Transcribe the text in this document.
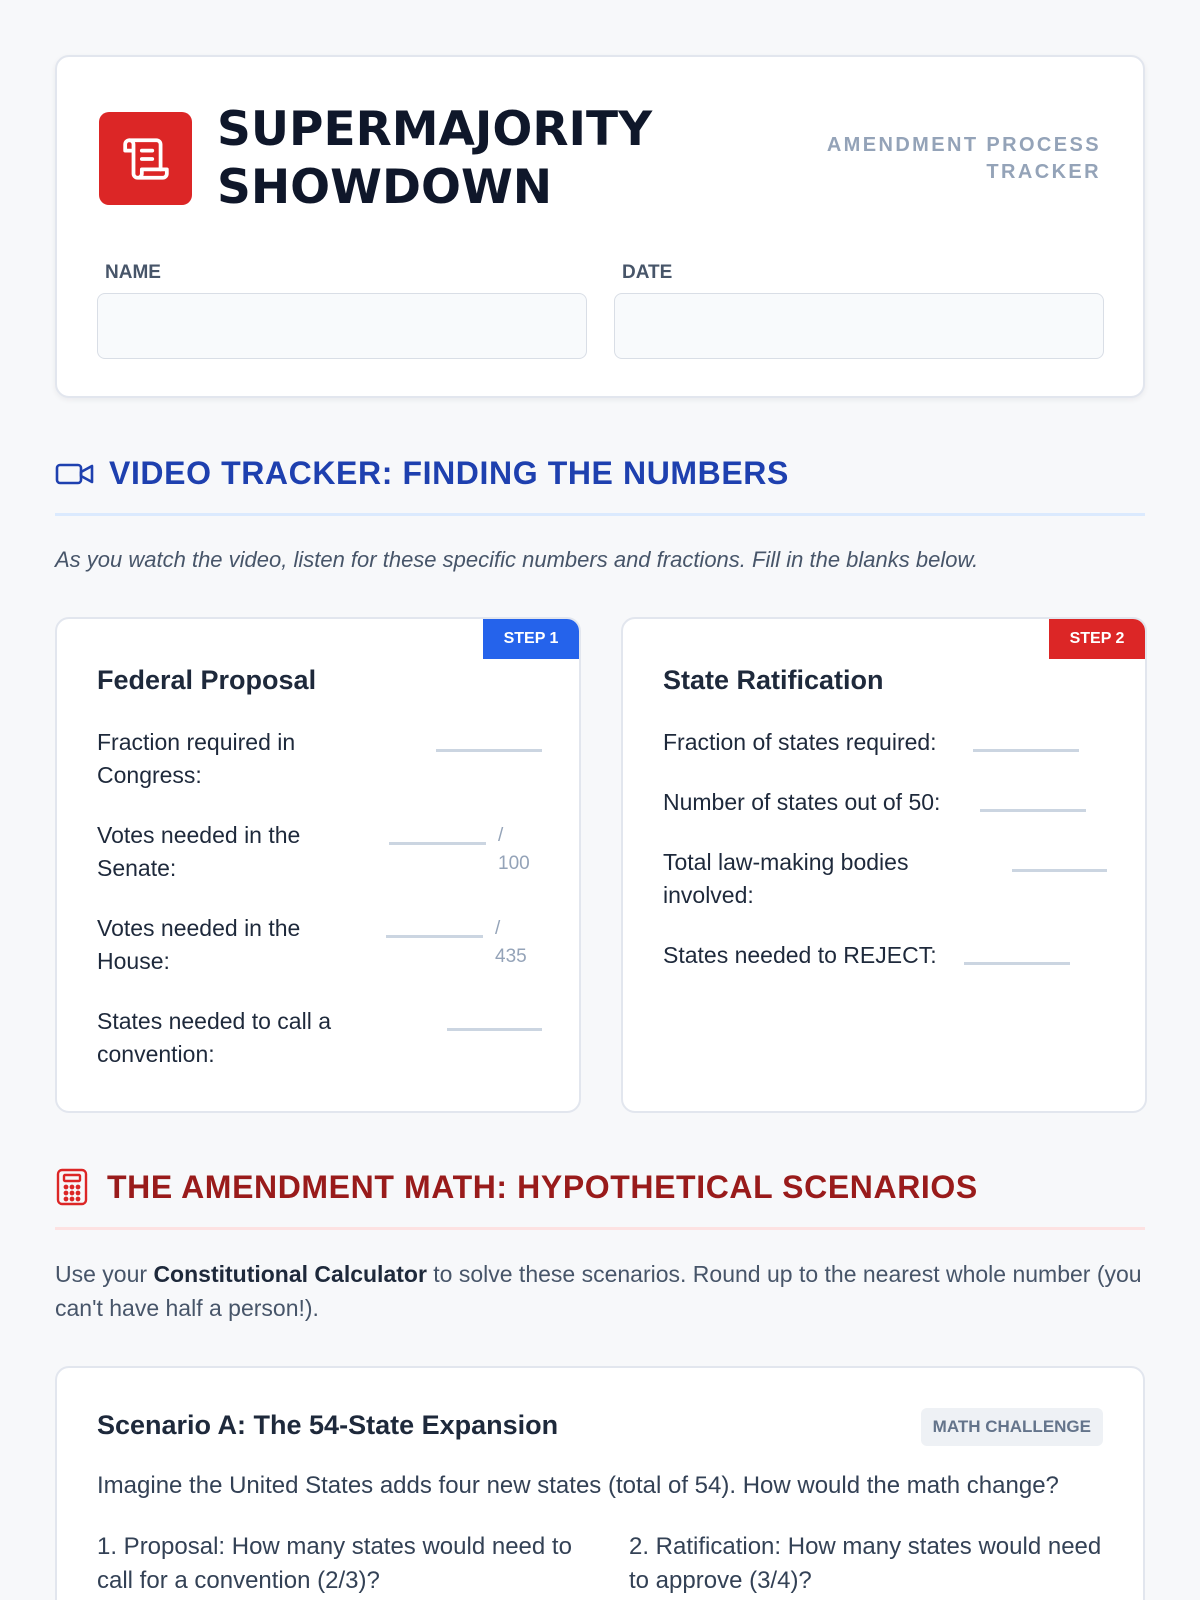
SUPERMAJORITY
SHOWDOWN
AMENDMENT PROCESS
TRACKER
NAME	DATE
VIDEO TRACKER: FINDING THE NUMBERS
As you watch the video, listen for these specific numbers and fractions. Fill in the blanks below.
STEP 1
Federal Proposal
Fraction required in Congress:
Votes needed in the Senate:
/ 100
Votes needed in the House:
/ 435
States needed to call a convention:
STEP 2
State Ratification
Fraction of states required:
Number of states out of 50:
Total law-making bodies involved:
States needed to REJECT:
THE AMENDMENT MATH: HYPOTHETICAL SCENARIOS
Use your Constitutional Calculator to solve these scenarios. Round up to the nearest whole number (you can't have half a person!).
Scenario A: The 54-State Expansion	MATH CHALLENGE
Imagine the United States adds four new states (total of 54). How would the math change?
1. Proposal: How many states would need to call for a convention (2/3)?
2. Ratification: How many states would need to approve (3/4)?
